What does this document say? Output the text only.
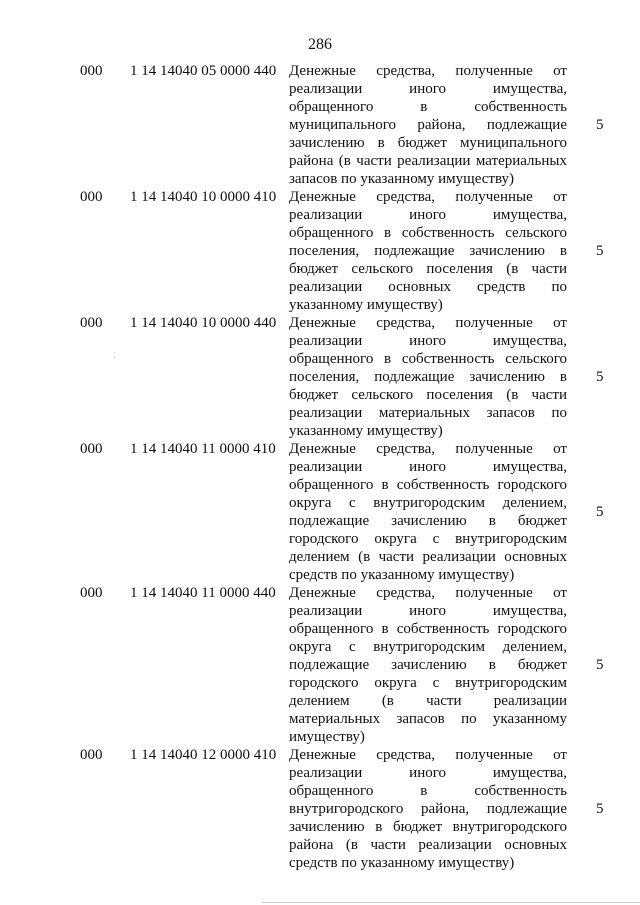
286
000	1 14 14040 05 0000 440 Денежные средства, полученные от реализации иного имущества, обращенного в собственность муниципального района, подлежащие зачислению в бюджет муниципального района (в части реализации материальных запасов по указанному имуществу)
5
000	1 14 14040 10 0000 410 Денежные средства, полученные от реализации иного имущества, обращенного в собственность сельского поселения, подлежащие зачислению в бюджет сельского поселения (в части реализации основных средств по указанному имуществу)
5
000	1 14 14040 10 0000 440 Денежные средства, полученные от реализации иного имущества, обращенного в собственность сельского поселения, подлежащие зачислению в бюджет сельского поселения (в части реализации материальных запасов по указанному имуществу)
5
000	1 14 14040 11 0000 410 Денежные средства, полученные от реализации иного имущества, обращенного в собственность городского округа с внутригородским делением, подлежащие зачислению в бюджет городского округа с внутригородским делением (в части реализации основных средств по указанному имуществу)
5
000	1 14 14040 11 0000 440 Денежные средства, полученные от реализации иного имущества, обращенного в собственность городского округа с внутригородским делением, подлежащие зачислению в бюджет городского округа с внутригородским делением (в части реализации материальных запасов по указанному имуществу)
5
000	1 14 14040 12 0000 410 Денежные средства, полученные от реализации иного имущества, обращенного в собственность внутригородского района, подлежащие зачислению в бюджет внутригородского района (в части реализации основных средств по указанному имуществу)
5
